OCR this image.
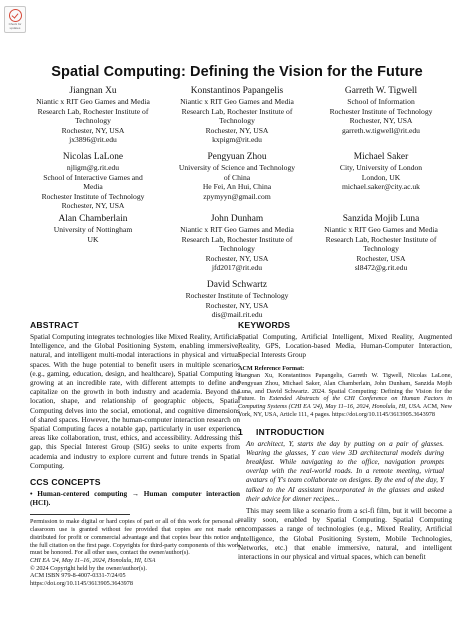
Check for updates
Spatial Computing: Defining the Vision for the Future
Jiangnan Xu
Niantic x RIT Geo Games and Media
Research Lab, Rochester Institute of
Technology
Rochester, NY, USA
jx3896@rit.edu
Konstantinos Papangelis
Niantic x RIT Geo Games and Media
Research Lab, Rochester Institute of
Technology
Rochester, NY, USA
kxpigm@rit.edu
Garreth W. Tigwell
School of Information
Rochester Institute of Technology
Rochester, NY, USA
garreth.w.tigwell@rit.edu
Nicolas LaLone
njligm@g.rit.edu
School of Interactive Games and
Media
Rochester Institute of Technology
Rochester, NY, USA
Pengyuan Zhou
University of Science and Technology
of China
He Fei, An Hui, China
zpymyyn@gmail.com
Michael Saker
City, University of London
London, UK
michael.saker@city.ac.uk
Alan Chamberlain
University of Nottingham
UK
John Dunham
Niantic x RIT Geo Games and Media
Research Lab, Rochester Institute of
Technology
Rochester, NY, USA
jfd2017@rit.edu
Sanzida Mojib Luna
Niantic x RIT Geo Games and Media
Research Lab, Rochester Institute of
Technology
Rochester, USA
sl8472@g.rit.edu
David Schwartz
Rochester Institute of Technology
Rochester, NY, USA
dis@mail.rit.edu
ABSTRACT

Spatial Computing integrates technologies like Mixed Reality, Artificial Intelligence, and the Global Positioning System, enabling immersive, natural, and intelligent multi-modal interactions in physical and virtual spaces. With the huge potential to benefit users in multiple scenarios (e.g., gaming, education, design, and healthcare), Spatial Computing is growing at an incredible rate, with different attempts to define and capitalize on the growth in both industry and academia. Beyond the location, shape, and relationship of geographic objects, Spatial Computing delves into the social, emotional, and cognitive dimensions of shared spaces. However, the human-computer interaction research on Spatial Computing faces a notable gap, particularly in user experience areas like collaboration, trust, ethics, and accessibility. Addressing this gap, this Special Interest Group (SIG) seeks to unite experts from academia and industry to explore current and future trends in Spatial Computing.

CCS CONCEPTS

• Human-centered computing → Human computer interaction (HCI).

Permission to make digital or hard copies of part or all of this work for personal or classroom use is granted without fee provided that copies are not made or distributed for profit or commercial advantage and that copies bear this notice and the full citation on the first page. Copyrights for third-party components of this work must be honored. For all other uses, contact the owner/author(s).

CHI EA '24, May 11–16, 2024, Honolulu, HI, USA

© 2024 Copyright held by the owner/author(s).

ACM ISBN 979-8-4007-0331-7/24/05

https://doi.org/10.1145/3613905.3643978

KEYWORDS

Spatial Computing, Artificial Intelligent, Mixed Reality, Augmented Reality, GPS, Location-based Media, Human-Computer Interaction, Special Interests Group

ACM Reference Format:

Jiangnan Xu, Konstantinos Papangelis, Garreth W. Tigwell, Nicolas LaLone, Pengyuan Zhou, Michael Saker, Alan Chamberlain, John Dunham, Sanzida Mojib Luna, and David Schwartz. 2024. Spatial Computing: Defining the Vision for the Future. In Extended Abstracts of the CHI Conference on Human Factors in Computing Systems (CHI EA '24), May 11–16, 2024, Honolulu, HI, USA. ACM, New York, NY, USA, Article 111, 4 pages. https://doi.org/10.1145/3613905.3643978

1 INTRODUCTION

An architect, Y, starts the day by putting on a pair of glasses. Wearing the glasses, Y can view 3D architectural models during breakfast. While navigating to the office, navigation prompts overlap with the real-world roads. In a remote meeting, virtual avatars of Y's team collaborate on designs. By the end of the day, Y talked to the AI assistant incorporated in the glasses and asked their advice for dinner recipes...

This may seem like a scenario from a sci-fi film, but it will become a reality soon, enabled by Spatial Computing. Spatial Computing encompasses a range of technologies (e.g., Mixed Reality, Artificial Intelligence, the Global Positioning System, Mobile Technologies, Networks, etc.) that enable immersive, natural, and intelligent interactions in our physical and virtual spaces, which can benefit
